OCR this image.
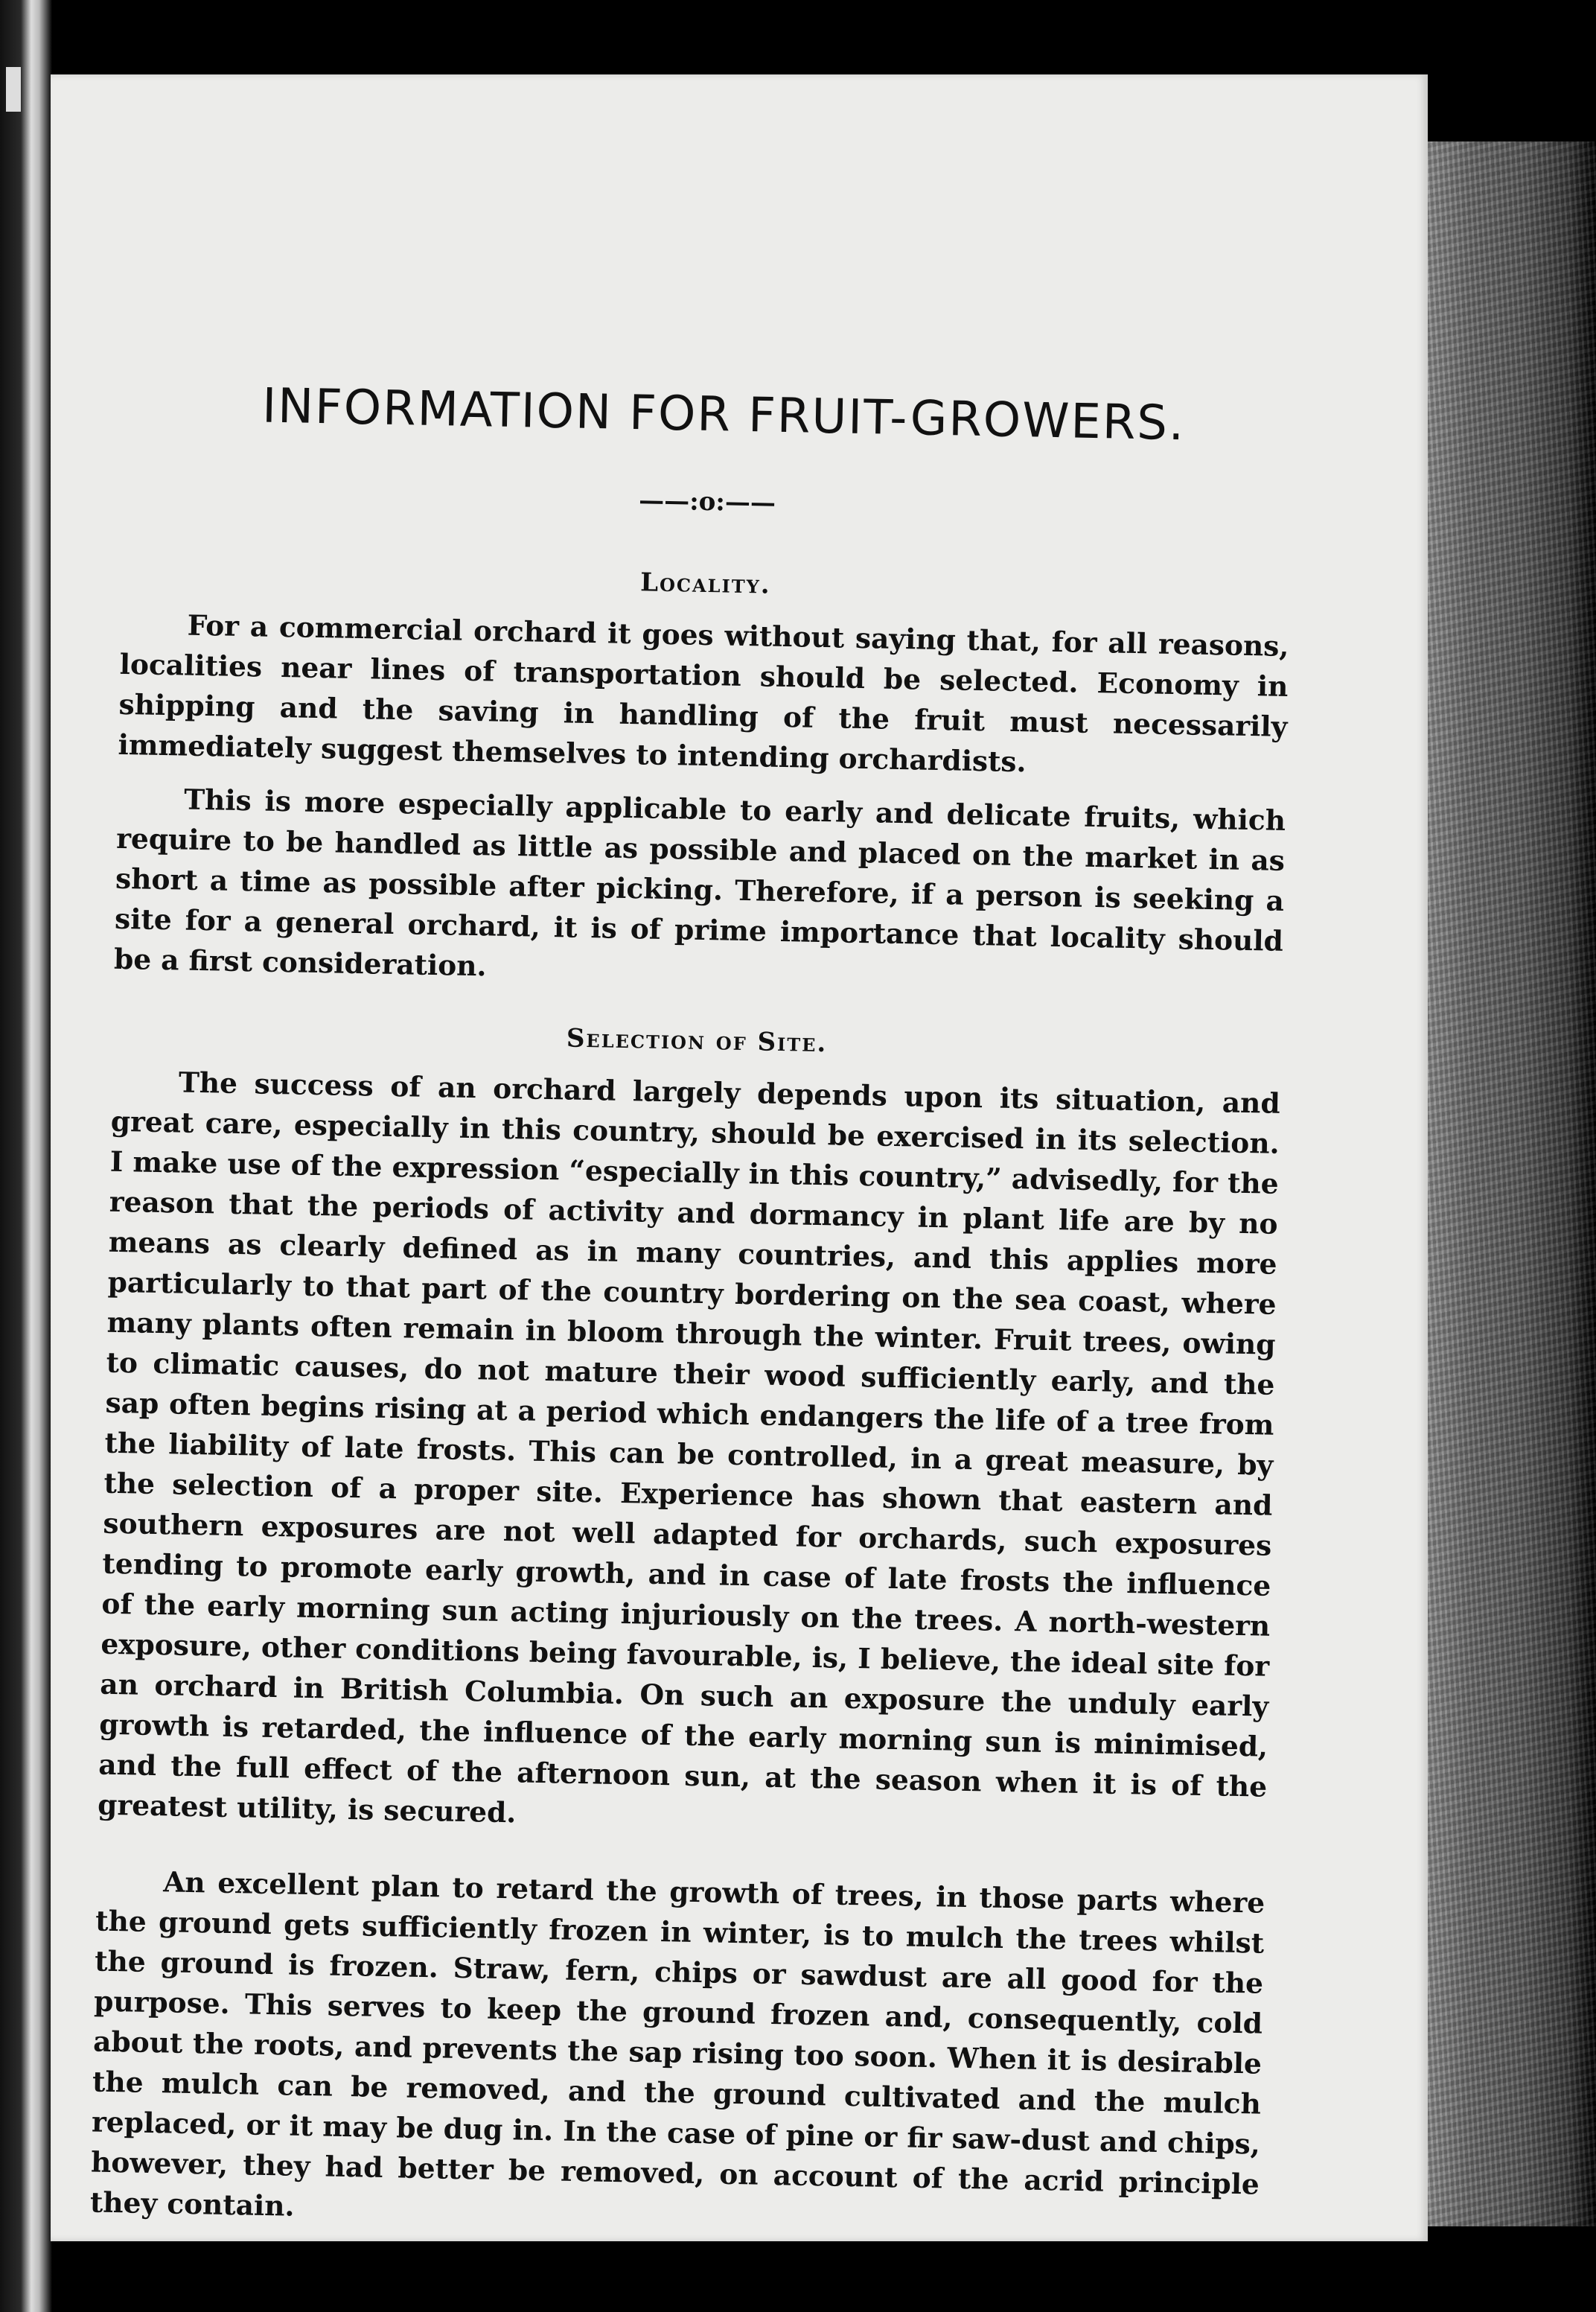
INFORMATION FOR FRUIT-GROWERS.
——:o:——
Locality.

For a commercial orchard it goes without saying that, for all reasons, localities near lines of transportation should be selected. Economy in shipping and the saving in handling of the fruit must necessarily immediately suggest themselves to intending orchardists.

This is more especially applicable to early and delicate fruits, which require to be handled as little as possible and placed on the market in as short a time as possible after picking. Therefore, if a person is seeking a site for a general orchard, it is of prime importance that locality should be a first consideration.

Selection of Site.

The success of an orchard largely depends upon its situation, and great care, especially in this country, should be exercised in its selection. I make use of the expression “especially in this country,” advisedly, for the reason that the periods of activity and dormancy in plant life are by no means as clearly defined as in many countries, and this applies more particularly to that part of the country bordering on the sea coast, where many plants often remain in bloom through the winter. Fruit trees, owing to climatic causes, do not mature their wood sufficiently early, and the sap often begins rising at a period which endangers the life of a tree from the liability of late frosts. This can be controlled, in a great measure, by the selection of a proper site. Experience has shown that eastern and southern exposures are not well adapted for orchards, such exposures tending to promote early growth, and in case of late frosts the influence of the early morning sun acting injuriously on the trees. A north-western exposure, other conditions being favourable, is, I believe, the ideal site for an orchard in British Columbia. On such an exposure the unduly early growth is retarded, the influence of the early morning sun is minimised, and the full effect of the afternoon sun, at the season when it is of the greatest utility, is secured.

An excellent plan to retard the growth of trees, in those parts where the ground gets sufficiently frozen in winter, is to mulch the trees whilst the ground is frozen. Straw, fern, chips or sawdust are all good for the purpose. This serves to keep the ground frozen and, consequently, cold about the roots, and prevents the sap rising too soon. When it is desirable the mulch can be removed, and the ground cultivated and the mulch replaced, or it may be dug in. In the case of pine or fir saw-dust and chips, however, they had better be removed, on account of the acrid principle they contain.
